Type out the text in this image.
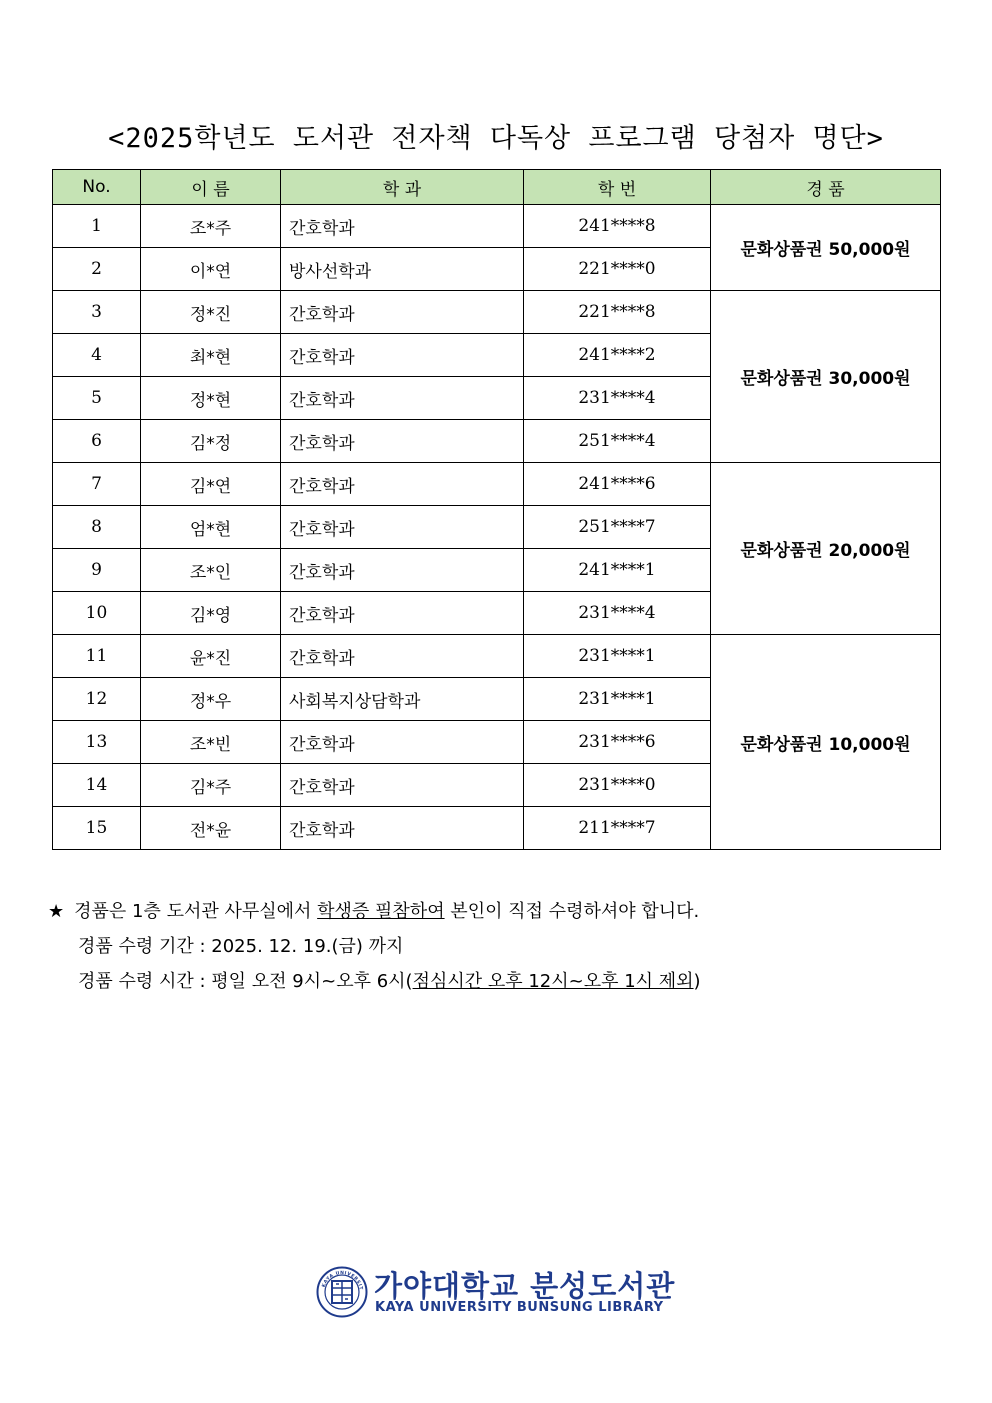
<2025학년도 도서관 전자책 다독상 프로그램 당첨자 명단>
No.	이 름	학 과	학 번	경 품
1	조*주	간호학과	241****8	문화상품권 50,000원
2	이*연	방사선학과	221****0	
3	정*진	간호학과	221****8	문화상품권 30,000원
4	최*현	간호학과	241****2	
5	정*현	간호학과	231****4	
6	김*정	간호학과	251****4	
7	김*연	간호학과	241****6	문화상품권 20,000원
8	엄*현	간호학과	251****7	
9	조*인	간호학과	241****1	
10	김*영	간호학과	231****4	
11	윤*진	간호학과	231****1	문화상품권 10,000원
12	정*우	사회복지상담학과	231****1	
13	조*빈	간호학과	231****6	
14	김*주	간호학과	231****0	
15	전*윤	간호학과	211****7	
★ 경품은 1층 도서관 사무실에서 학생증 필참하여 본인이 직접 수령하셔야 합니다.
경품 수령 기간 : 2025. 12. 19.(금) 까지
경품 수령 시간 : 평일 오전 9시~오후 6시(점심시간 오후 12시~오후 1시 제외)
KAYA UNIVERSIT 가야대학교 분성도서관
KAYA UNIVERSITY BUNSUNG LIBRARY
